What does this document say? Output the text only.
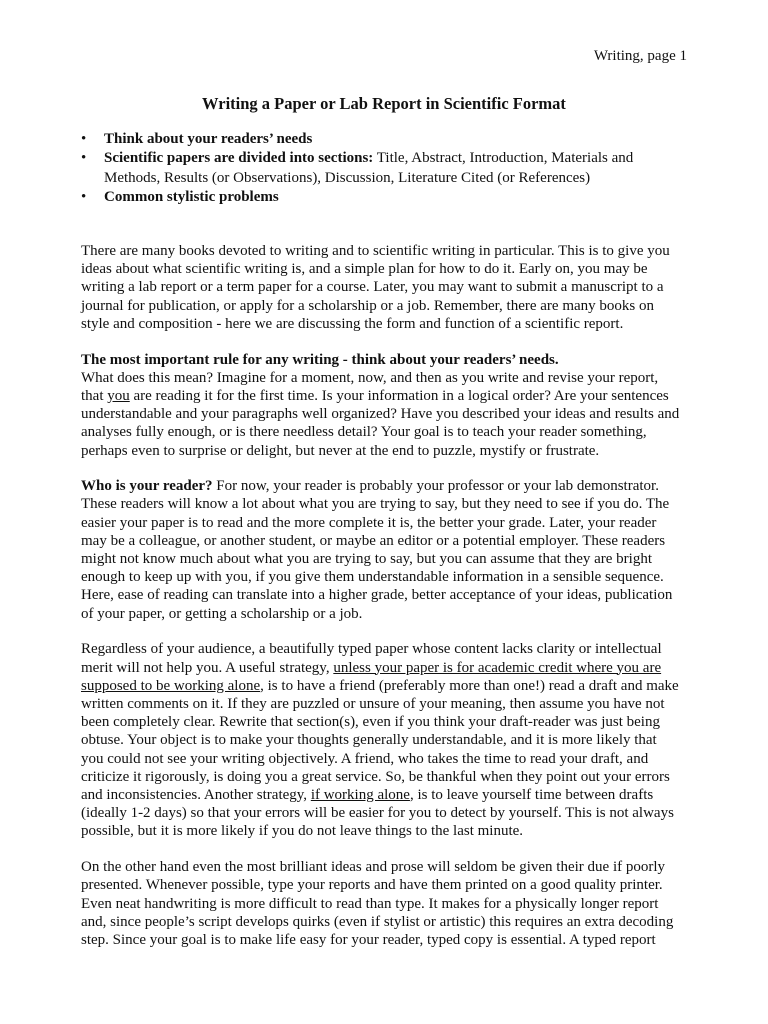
Writing, page 1
Writing a Paper or Lab Report in Scientific Format
• Think about your readers’ needs
• Scientific papers are divided into sections: Title, Abstract, Introduction, Materials and
Methods, Results (or Observations), Discussion, Literature Cited (or References)
• Common stylistic problems
There are many books devoted to writing and to scientific writing in particular. This is to give you
ideas about what scientific writing is, and a simple plan for how to do it. Early on, you may be
writing a lab report or a term paper for a course. Later, you may want to submit a manuscript to a
journal for publication, or apply for a scholarship or a job. Remember, there are many books on
style and composition - here we are discussing the form and function of a scientific report.
The most important rule for any writing - think about your readers’ needs.
What does this mean? Imagine for a moment, now, and then as you write and revise your report,
that you are reading it for the first time. Is your information in a logical order? Are your sentences
understandable and your paragraphs well organized? Have you described your ideas and results and
analyses fully enough, or is there needless detail? Your goal is to teach your reader something,
perhaps even to surprise or delight, but never at the end to puzzle, mystify or frustrate.
Who is your reader? For now, your reader is probably your professor or your lab demonstrator.
These readers will know a lot about what you are trying to say, but they need to see if you do. The
easier your paper is to read and the more complete it is, the better your grade. Later, your reader
may be a colleague, or another student, or maybe an editor or a potential employer. These readers
might not know much about what you are trying to say, but you can assume that they are bright
enough to keep up with you, if you give them understandable information in a sensible sequence.
Here, ease of reading can translate into a higher grade, better acceptance of your ideas, publication
of your paper, or getting a scholarship or a job.
Regardless of your audience, a beautifully typed paper whose content lacks clarity or intellectual
merit will not help you. A useful strategy, unless your paper is for academic credit where you are
supposed to be working alone, is to have a friend (preferably more than one!) read a draft and make
written comments on it. If they are puzzled or unsure of your meaning, then assume you have not
been completely clear. Rewrite that section(s), even if you think your draft-reader was just being
obtuse. Your object is to make your thoughts generally understandable, and it is more likely that
you could not see your writing objectively. A friend, who takes the time to read your draft, and
criticize it rigorously, is doing you a great service. So, be thankful when they point out your errors
and inconsistencies. Another strategy, if working alone, is to leave yourself time between drafts
(ideally 1-2 days) so that your errors will be easier for you to detect by yourself. This is not always
possible, but it is more likely if you do not leave things to the last minute.
On the other hand even the most brilliant ideas and prose will seldom be given their due if poorly
presented. Whenever possible, type your reports and have them printed on a good quality printer.
Even neat handwriting is more difficult to read than type. It makes for a physically longer report
and, since people’s script develops quirks (even if stylist or artistic) this requires an extra decoding
step. Since your goal is to make life easy for your reader, typed copy is essential. A typed report
